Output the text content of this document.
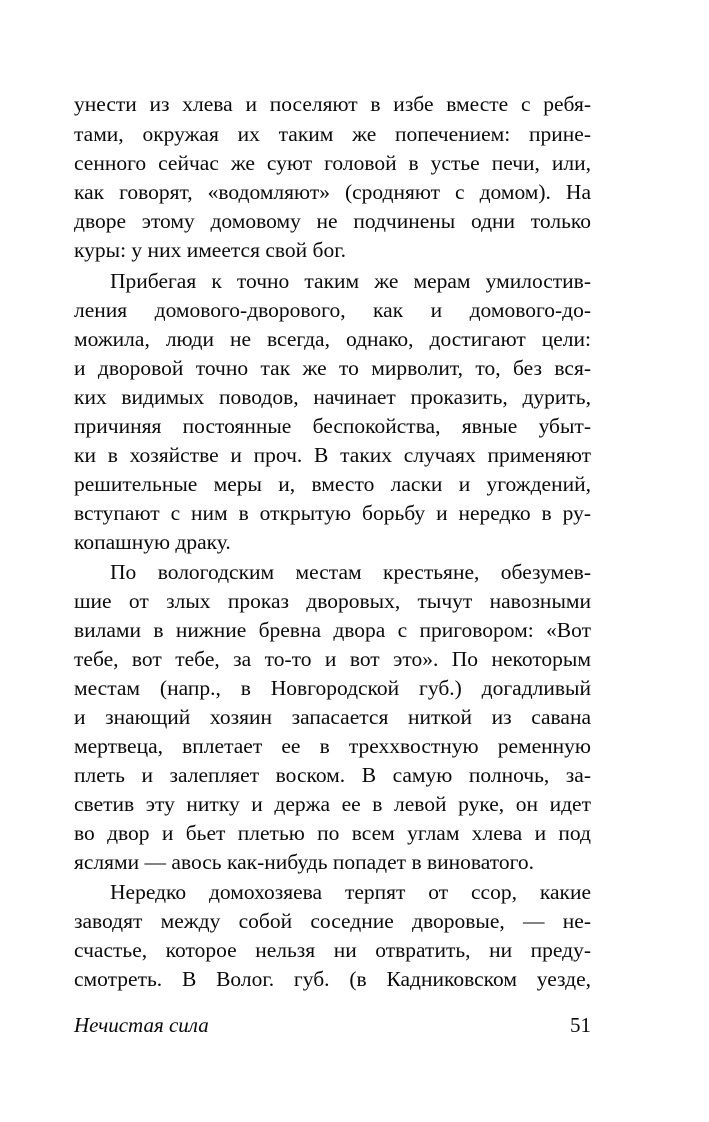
унести из хлева и поселяют в избе вместе с ребя-
тами, окружая их таким же попечением: прине-
сенного сейчас же суют головой в устье печи, или,
как говорят, «водомляют» (сродняют с домом). На
дворе этому домовому не подчинены одни только
куры: у них имеется свой бог.
Прибегая к точно таким же мерам умилостив-
ления домового-дворового, как и домового-до-
можила, люди не всегда, однако, достигают цели:
и дворовой точно так же то мирволит, то, без вся-
ких видимых поводов, начинает проказить, дурить,
причиняя постоянные беспокойства, явные убыт-
ки в хозяйстве и проч. В таких случаях применяют
решительные меры и, вместо ласки и угождений,
вступают с ним в открытую борьбу и нередко в ру-
копашную драку.
По вологодским местам крестьяне, обезумев-
шие от злых проказ дворовых, тычут навозными
вилами в нижние бревна двора с приговором: «Вот
тебе, вот тебе, за то-то и вот это». По некоторым
местам (напр., в Новгородской губ.) догадливый
и знающий хозяин запасается ниткой из савана
мертвеца, вплетает ее в треххвостную ременную
плеть и залепляет воском. В самую полночь, за-
светив эту нитку и держа ее в левой руке, он идет
во двор и бьет плетью по всем углам хлева и под
яслями — авось как-нибудь попадет в виноватого.
Нередко домохозяева терпят от ссор, какие
заводят между собой соседние дворовые, — не-
счастье, которое нельзя ни отвратить, ни преду-
смотреть. В Волог. губ. (в Кадниковском уезде,
Нечистая сила	51
